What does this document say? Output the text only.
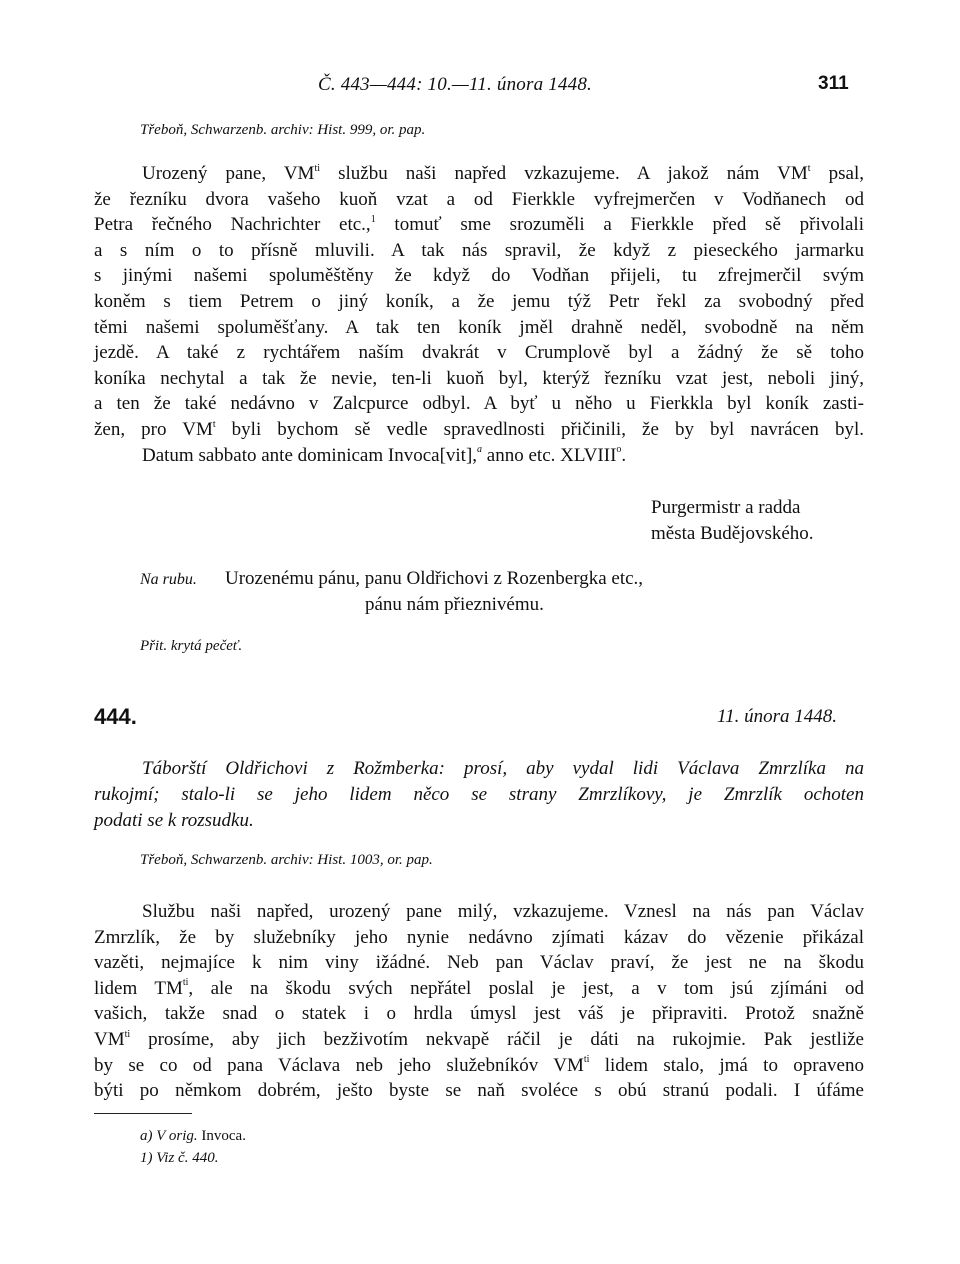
Č. 443—444: 10.—11. února 1448.	311
Třeboň, Schwarzenb. archiv: Hist. 999, or. pap.
Urozený pane, $VM^{ti}$ službu naši napřed vzkazujeme. A jakož nám $VM^t$ psal,
že řezníku dvora vašeho kuoň vzat a od Fierkkle vyfrejmerčen v Vodňanech od
Petra řečného Nachrichter etc.,$^1$ tomuť sme srozuměli a Fierkkle před sě přivolali
a s ním o to přísně mluvili. A tak nás spravil, že když z pieseckého jarmarku
s jinými našemi spoluměštěny že když do Vodňan přijeli, tu zfrejmerčil svým
koněm s tiem Petrem o jiný koník, a že jemu týž Petr řekl za svobodný před
těmi našemi spoluměšťany. A tak ten koník jměl drahně neděl, svobodně na něm
jezdě. A také z rychtářem naším dvakrát v Crumplově byl a žádný že sě toho
koníka nechytal a tak že nevie, ten-li kuoň byl, kterýž řezníku vzat jest, neboli jiný,
a ten že také nedávno v Zalcpurce odbyl. A byť u něho u Fierkkla byl koník zasti-
žen, pro $VM^t$ byli bychom sě vedle spravedlnosti přičinili, že by byl navrácen byl.
Datum sabbato ante dominicam Invoca[vit],$^a$ anno etc. XLVIII$^o$.
Purgermistr a radda
města Budějovského.
Na rubu. Urozenému pánu, panu Oldřichovi z Rozenbergka etc.,
pánu nám přieznivému.
Přit. krytá pečeť.
444.	11. února 1448.
Táborští Oldřichovi z Rožmberka: prosí, aby vydal lidi Václava Zmrzlíka na
rukojmí; stalo-li se jeho lidem něco se strany Zmrzlíkovy, je Zmrzlík ochoten
podati se k rozsudku.
Třeboň, Schwarzenb. archiv: Hist. 1003, or. pap.
Službu naši napřed, urozený pane milý, vzkazujeme. Vznesl na nás pan Václav
Zmrzlík, že by služebníky jeho nynie nedávno zjímati kázav do vězenie přikázal
vazěti, nejmajíce k nim viny ižádné. Neb pan Václav praví, že jest ne na škodu
lidem $TM^{ti}$, ale na škodu svých nepřátel poslal je jest, a v tom jsú zjímáni od
vašich, takže snad o statek i o hrdla úmysl jest váš je připraviti. Protož snažně
$VM^{ti}$ prosíme, aby jich bezživotím nekvapě ráčil je dáti na rukojmie. Pak jestliže
by se co od pana Václava neb jeho služebníkóv $VM^{ti}$ lidem stalo, jmá to opraveno
býti po němkom dobrém, ještо byste se naň svoléce s obú stranú podali. I úfáme
a) V orig. Invoca.
1) Viz č. 440.
